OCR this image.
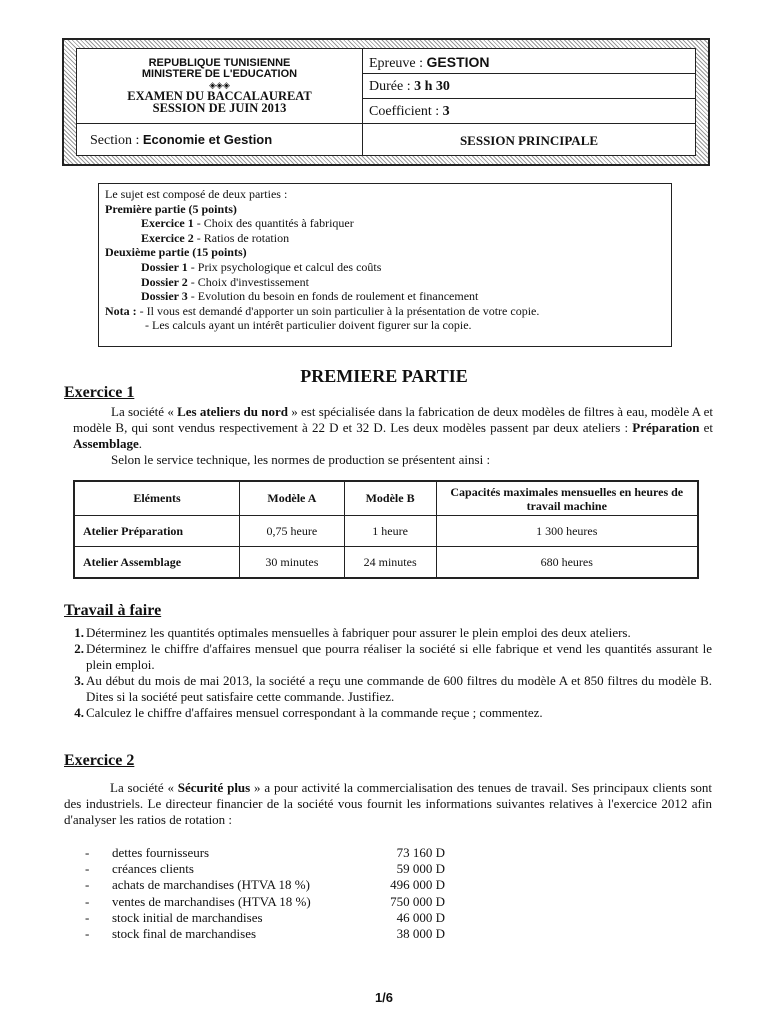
REPUBLIQUE TUNISIENNE
MINISTERE DE L'EDUCATION
◈◈◈
EXAMEN DU BACCALAUREAT
SESSION DE JUIN 2013
Epreuve : GESTION
Durée : 3 h 30
Coefficient : 3
Section : Economie et Gestion	SESSION PRINCIPALE
Le sujet est composé de deux parties :
Première partie (5 points)
Exercice 1 - Choix des quantités à fabriquer
Exercice 2 - Ratios de rotation
Deuxième partie (15 points)
Dossier 1 - Prix psychologique et calcul des coûts
Dossier 2 - Choix d'investissement
Dossier 3 - Evolution du besoin en fonds de roulement et financement
Nota : - Il vous est demandé d'apporter un soin particulier à la présentation de votre copie.
- Les calculs ayant un intérêt particulier doivent figurer sur la copie.
PREMIERE PARTIE
Exercice 1

La société « Les ateliers du nord » est spécialisée dans la fabrication de deux modèles de filtres à eau, modèle A et modèle B, qui sont vendus respectivement à 22 D et 32 D. Les deux modèles passent par deux ateliers : Préparation et Assemblage.

Selon le service technique, les normes de production se présentent ainsi :

Eléments	Modèle A	Modèle B	Capacités maximales mensuelles en heures de travail machine
Atelier Préparation	0,75 heure	1 heure	1 300 heures
Atelier Assemblage	30 minutes	24 minutes	680 heures
Travail à faire
1. Déterminez les quantités optimales mensuelles à fabriquer pour assurer le plein emploi des deux ateliers.
2. Déterminez le chiffre d'affaires mensuel que pourra réaliser la société si elle fabrique et vend les quantités assurant le plein emploi.
3. Au début du mois de mai 2013, la société a reçu une commande de 600 filtres du modèle A et 850 filtres du modèle B. Dites si la société peut satisfaire cette commande. Justifiez.
4. Calculez le chiffre d'affaires mensuel correspondant à la commande reçue ; commentez.
Exercice 2

La société « Sécurité plus » a pour activité la commercialisation des tenues de travail. Ses principaux clients sont des industriels. Le directeur financier de la société vous fournit les informations suivantes relatives à l'exercice 2012 afin d'analyser les ratios de rotation :

- dettes fournisseurs	73 160 D
- créances clients	59 000 D
- achats de marchandises (HTVA 18 %)	496 000 D
- ventes de marchandises (HTVA 18 %)	750 000 D
- stock initial de marchandises	46 000 D
- stock final de marchandises	38 000 D
1/6
